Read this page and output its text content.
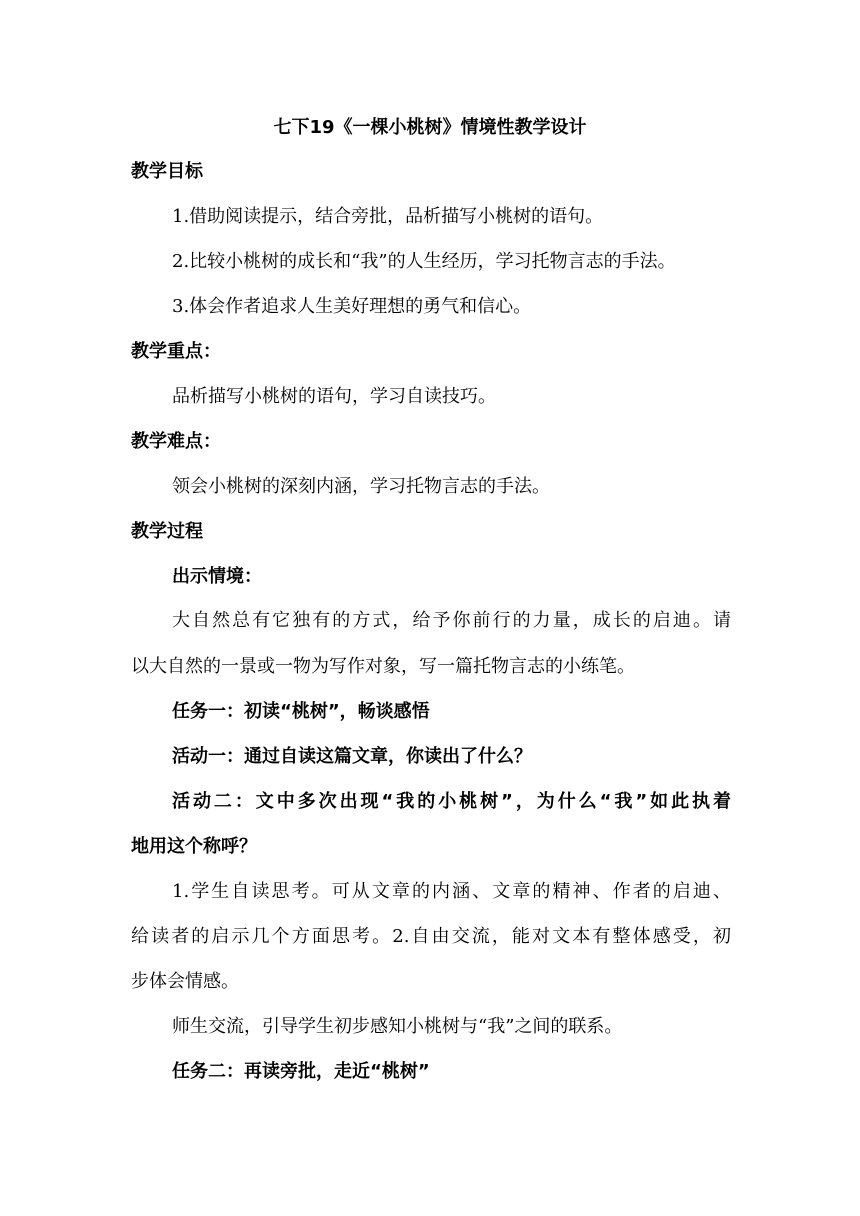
七下19《一棵小桃树》情境性教学设计
教学目标
1.借助阅读提示，结合旁批，品析描写小桃树的语句。
2.比较小桃树的成长和“我”的人生经历，学习托物言志的手法。
3.体会作者追求人生美好理想的勇气和信心。
教学重点：
品析描写小桃树的语句，学习自读技巧。
教学难点：
领会小桃树的深刻内涵，学习托物言志的手法。
教学过程
出示情境：
大自然总有它独有的方式，给予你前行的力量，成长的启迪。请
以大自然的一景或一物为写作对象，写一篇托物言志的小练笔。
任务一：初读“桃树”，畅谈感悟
活动一：通过自读这篇文章，你读出了什么？
活动二：文中多次出现“我的小桃树”，为什么“我”如此执着
地用这个称呼？
1.学生自读思考。可从文章的内涵、文章的精神、作者的启迪、
给读者的启示几个方面思考。2.自由交流，能对文本有整体感受，初
步体会情感。
师生交流，引导学生初步感知小桃树与“我”之间的联系。
任务二：再读旁批，走近“桃树”
